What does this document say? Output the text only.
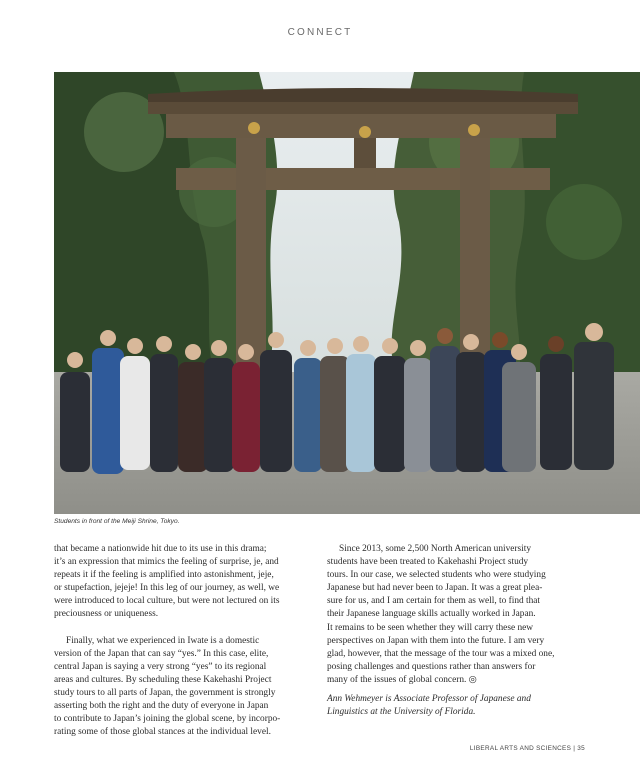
CONNECT
Students in front of the Meiji Shrine, Tokyo.

that became a nationwide hit due to its use in this drama;
it’s an expression that mimics the feeling of surprise, je, and
repeats it if the feeling is amplified into astonishment, jeje,
or stupefaction, jejeje! In this leg of our journey, as well, we
were introduced to local culture, but were not lectured on its
preciousness or uniqueness.

Finally, what we experienced in Iwate is a domestic
version of the Japan that can say “yes.” In this case, elite,
central Japan is saying a very strong “yes” to its regional
areas and cultures. By scheduling these Kakehashi Project
study tours to all parts of Japan, the government is strongly
asserting both the right and the duty of everyone in Japan
to contribute to Japan’s joining the global scene, by incorpo-
rating some of those global stances at the individual level.

Since 2013, some 2,500 North American university
students have been treated to Kakehashi Project study
tours. In our case, we selected students who were studying
Japanese but had never been to Japan. It was a great plea-
sure for us, and I am certain for them as well, to find that
their Japanese language skills actually worked in Japan.
It remains to be seen whether they will carry these new
perspectives on Japan with them into the future. I am very
glad, however, that the message of the tour was a mixed one,
posing challenges and questions rather than answers for
many of the issues of global concern. ◎

Ann Wehmeyer is Associate Professor of Japanese and
Linguistics at the University of Florida.

LIBERAL ARTS AND SCIENCES | 35
